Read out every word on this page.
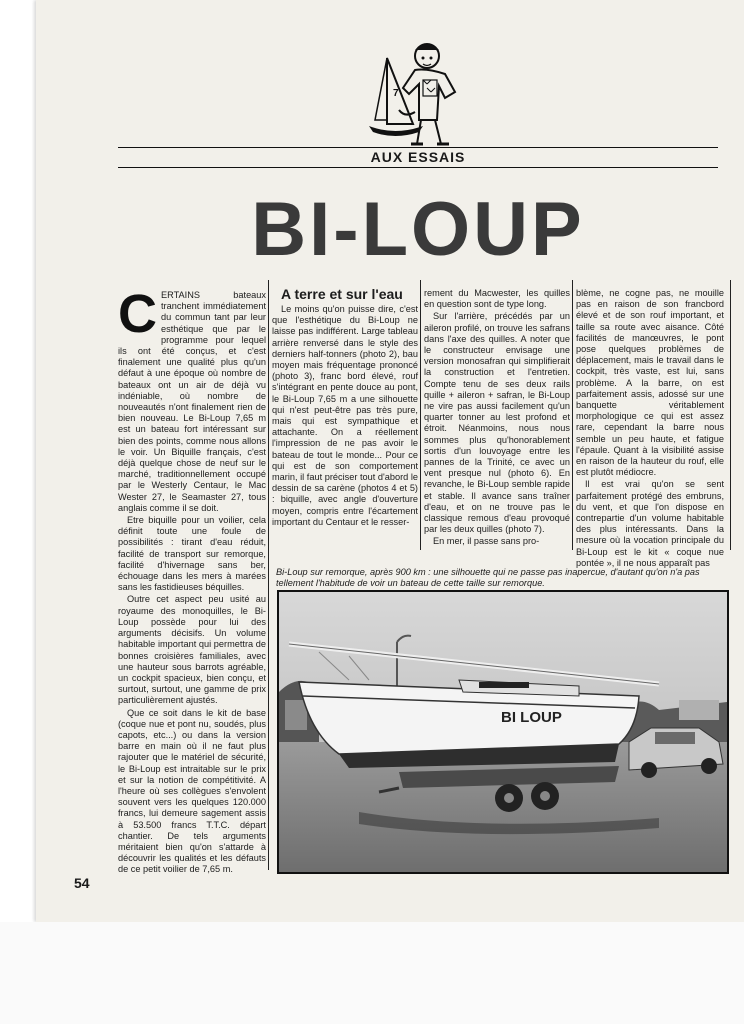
7
AUX ESSAIS
BI-LOUP

CERTAINS bateaux tranchent immédiatement du commun tant par leur esthétique que par le programme pour lequel ils ont été conçus, et c'est finalement une qualité plus qu'un défaut à une époque où nombre de bateaux ont un air de déjà vu indéniable, où nombre de nouveautés n'ont finalement rien de bien nouveau. Le Bi-Loup 7,65 m est un bateau fort intéressant sur bien des points, comme nous allons le voir. Un Biquille français, c'est déjà quelque chose de neuf sur le marché, traditionnellement occupé par le Westerly Centaur, le Mac Wester 27, le Seamaster 27, tous anglais comme il se doit.

Etre biquille pour un voilier, cela définit toute une foule de possibilités : tirant d'eau réduit, facilité de transport sur remorque, facilité d'hivernage sans ber, échouage dans les mers à marées sans les fastidieuses béquilles.

Outre cet aspect peu usité au royaume des monoquilles, le Bi-Loup possède pour lui des arguments décisifs. Un volume habitable important qui permettra de bonnes croisières familiales, avec une hauteur sous barrots agréable, un cockpit spacieux, bien conçu, et surtout, surtout, une gamme de prix particulièrement ajustés.

Que ce soit dans le kit de base (coque nue et pont nu, soudés, plus capots, etc...) ou dans la version barre en main où il ne faut plus rajouter que le matériel de sécurité, le Bi-Loup est intraitable sur le prix et sur la notion de compétitivité. A l'heure où ses collègues s'envolent souvent vers les quelques 120.000 francs, lui demeure sagement assis à 53.500 francs T.T.C. départ chantier. De tels arguments méritaient bien qu'on s'attarde à découvrir les qualités et les défauts de ce petit voilier de 7,65 m.

A terre et sur l'eau

Le moins qu'on puisse dire, c'est que l'esthétique du Bi-Loup ne laisse pas indifférent. Large tableau arrière renversé dans le style des derniers half-tonners (photo 2), bau moyen mais fréquentage prononcé (photo 3), franc bord élevé, rouf s'intégrant en pente douce au pont, le Bi-Loup 7,65 m a une silhouette qui n'est peut-être pas très pure, mais qui est sympathique et attachante. On a réellement l'impression de ne pas avoir le bateau de tout le monde... Pour ce qui est de son comportement marin, il faut préciser tout d'abord le dessin de sa carène (photos 4 et 5) : biquille, avec angle d'ouverture moyen, compris entre l'écartement important du Centaur et le resser-

rement du Macwester, les quilles en question sont de type long.

Sur l'arrière, précédés par un aileron profilé, on trouve les safrans dans l'axe des quilles. A noter que le constructeur envisage une version monosafran qui simplifierait la construction et l'entretien. Compte tenu de ses deux rails quille + aileron + safran, le Bi-Loup ne vire pas aussi facilement qu'un quarter tonner au lest profond et étroit. Néanmoins, nous nous sommes plus qu'honorablement sortis d'un louvoyage entre les pannes de la Trinité, ce avec un vent presque nul (photo 6). En revanche, le Bi-Loup semble rapide et stable. Il avance sans traîner d'eau, et on ne trouve pas le classique remous d'eau provoqué par les deux quilles (photo 7).

En mer, il passe sans pro-

blème, ne cogne pas, ne mouille pas en raison de son francbord élevé et de son rouf important, et taille sa route avec aisance. Côté facilités de manœuvres, le pont pose quelques problèmes de déplacement, mais le travail dans le cockpit, très vaste, est lui, sans problème. A la barre, on est parfaitement assis, adossé sur une banquette véritablement morphologique ce qui est assez rare, cependant la barre nous semble un peu haute, et fatigue l'épaule. Quant à la visibilité assise en raison de la hauteur du rouf, elle est plutôt médiocre.

Il est vrai qu'on se sent parfaitement protégé des embruns, du vent, et que l'on dispose en contrepartie d'un volume habitable des plus intéressants. Dans la mesure où la vocation principale du Bi-Loup est le kit « coque nue pontée », il ne nous apparaît pas

Bi-Loup sur remorque, après 900 km : une silhouette qui ne passe pas inapercue, d'autant qu'on n'a pas tellement l'habitude de voir un bateau de cette taille sur remorque.
BI LOUP
54
